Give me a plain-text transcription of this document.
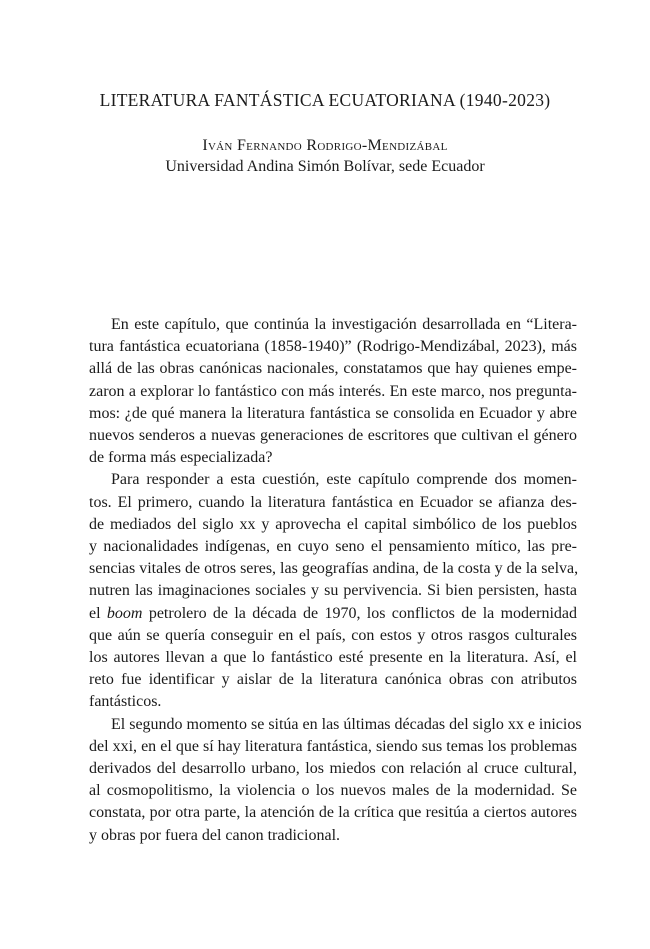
LITERATURA FANTÁSTICA ECUATORIANA (1940-2023)
Iván Fernando Rodrigo-Mendizábal
Universidad Andina Simón Bolívar, sede Ecuador
En este capítulo, que continúa la investigación desarrollada en “Litera-
tura fantástica ecuatoriana (1858-1940)” (Rodrigo-Mendizábal, 2023), más
allá de las obras canónicas nacionales, constatamos que hay quienes empe-
zaron a explorar lo fantástico con más interés. En este marco, nos pregunta-
mos: ¿de qué manera la literatura fantástica se consolida en Ecuador y abre
nuevos senderos a nuevas generaciones de escritores que cultivan el género
de forma más especializada?
Para responder a esta cuestión, este capítulo comprende dos momen-
tos. El primero, cuando la literatura fantástica en Ecuador se afianza des-
de mediados del siglo xx y aprovecha el capital simbólico de los pueblos
y nacionalidades indígenas, en cuyo seno el pensamiento mítico, las pre-
sencias vitales de otros seres, las geografías andina, de la costa y de la selva,
nutren las imaginaciones sociales y su pervivencia. Si bien persisten, hasta
el boom petrolero de la década de 1970, los conflictos de la modernidad
que aún se quería conseguir en el país, con estos y otros rasgos culturales
los autores llevan a que lo fantástico esté presente en la literatura. Así, el
reto fue identificar y aislar de la literatura canónica obras con atributos
fantásticos.
El segundo momento se sitúa en las últimas décadas del siglo xx e inicios
del xxi, en el que sí hay literatura fantástica, siendo sus temas los problemas
derivados del desarrollo urbano, los miedos con relación al cruce cultural,
al cosmopolitismo, la violencia o los nuevos males de la modernidad. Se
constata, por otra parte, la atención de la crítica que resitúa a ciertos autores
y obras por fuera del canon tradicional.
